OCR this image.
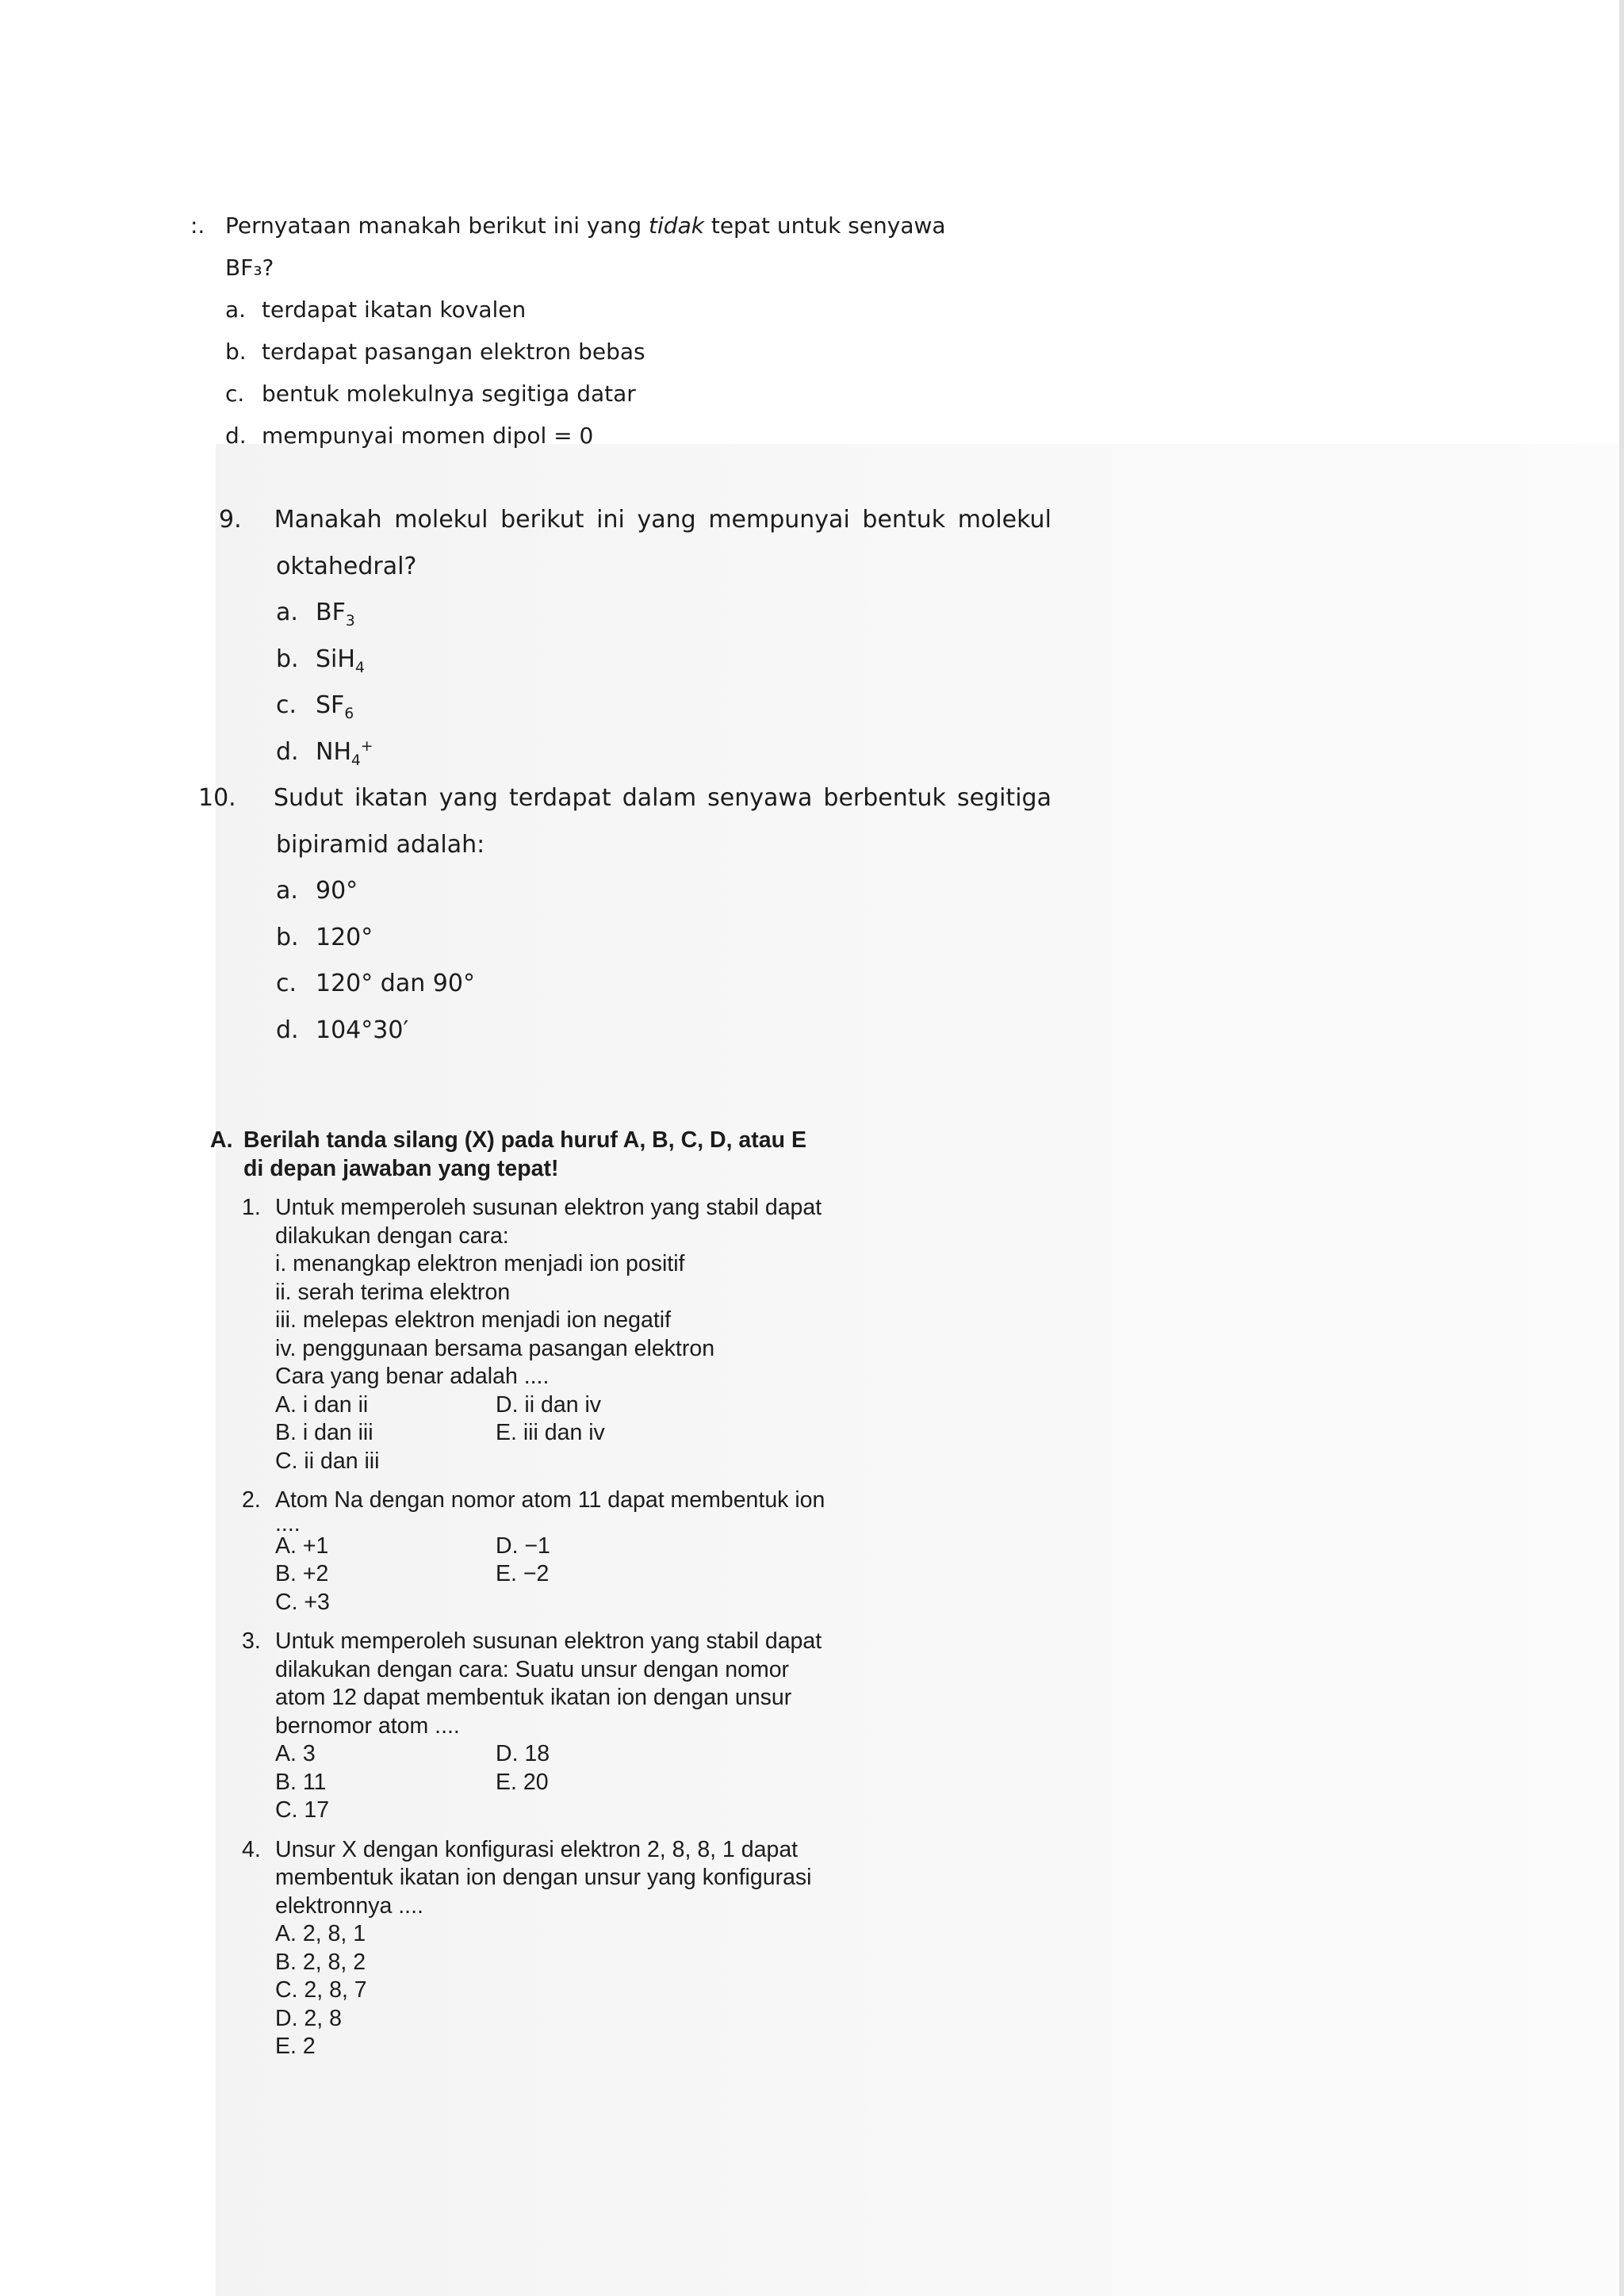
:. Pernyataan manakah berikut ini yang tidak tepat untuk senyawa
BF₃?
a. terdapat ikatan kovalen
b. terdapat pasangan elektron bebas
c. bentuk molekulnya segitiga datar
d. mempunyai momen dipol = 0
9.	Manakah molekul berikut ini yang mempunyai bentuk molekul
oktahedral?
a. $BF_3$
b. SiH$_4$
c. $SF_6$
d. $NH_4^+$
10.	Sudut ikatan yang terdapat dalam senyawa berbentuk segitiga
bipiramid adalah:
a. 90°
b. 120°
c. 120° dan 90°
d. 104°30′
A. Berilah tanda silang (X) pada huruf A, B, C, D, atau E
di depan jawaban yang tepat!
1. Untuk memperoleh susunan elektron yang stabil dapat
dilakukan dengan cara:
i. menangkap elektron menjadi ion positif
ii. serah terima elektron
iii. melepas elektron menjadi ion negatif
iv. penggunaan bersama pasangan elektron
Cara yang benar adalah ....
A. i dan ii	D. ii dan iv
B. i dan iii	E. iii dan iv
C. ii dan iii
2. Atom Na dengan nomor atom 11 dapat membentuk ion
....
A. +1	D. −1
B. +2	E. −2
C. +3
3. Untuk memperoleh susunan elektron yang stabil dapat
dilakukan dengan cara: Suatu unsur dengan nomor
atom 12 dapat membentuk ikatan ion dengan unsur
bernomor atom ....
A. 3	D. 18
B. 11	E. 20
C. 17
4. Unsur X dengan konfigurasi elektron 2, 8, 8, 1 dapat
membentuk ikatan ion dengan unsur yang konfigurasi
elektronnya ....
A. 2, 8, 1
B. 2, 8, 2
C. 2, 8, 7
D. 2, 8
E. 2
